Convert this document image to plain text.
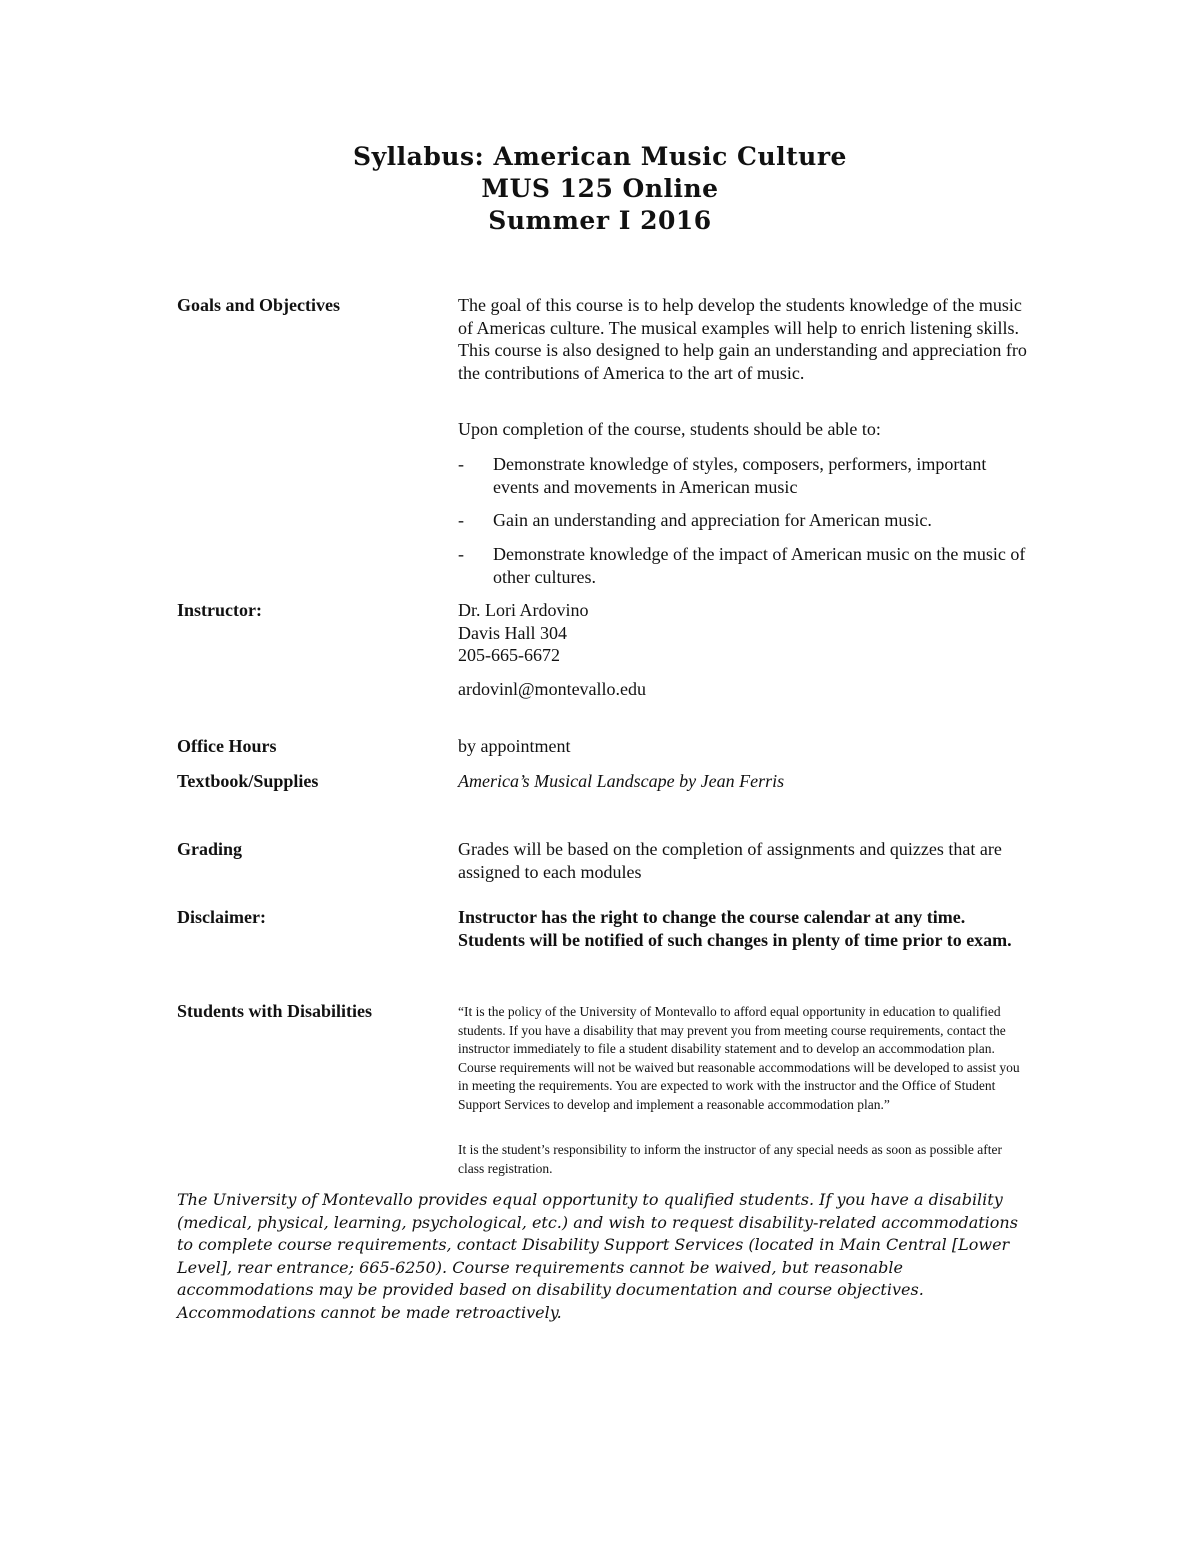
Syllabus: American Music Culture
MUS 125 Online
Summer I 2016
Goals and Objectives	The goal of this course is to help develop the students knowledge of the music of Americas culture. The musical examples will help to enrich listening skills. This course is also designed to help gain an understanding and appreciation fro the contributions of America to the art of music.

Upon completion of the course, students should be able to:
- Demonstrate knowledge of styles, composers, performers, important events and movements in American music
- Gain an understanding and appreciation for American music.
- Demonstrate knowledge of the impact of American music on the music of other cultures.
Instructor:	Dr. Lori Ardovino
Davis Hall 304
205-665-6672
ardovinl@montevallo.edu
Office Hours	by appointment
Textbook/Supplies	America’s Musical Landscape by Jean Ferris
Grading	Grades will be based on the completion of assignments and quizzes that are assigned to each modules
Disclaimer:	Instructor has the right to change the course calendar at any time. Students will be notified of such changes in plenty of time prior to exam.
Students with Disabilities	“It is the policy of the University of Montevallo to afford equal opportunity in education to qualified students. If you have a disability that may prevent you from meeting course requirements, contact the instructor immediately to file a student disability statement and to develop an accommodation plan. Course requirements will not be waived but reasonable accommodations will be developed to assist you in meeting the requirements. You are expected to work with the instructor and the Office of Student Support Services to develop and implement a reasonable accommodation plan.”
It is the student’s responsibility to inform the instructor of any special needs as soon as possible after class registration.
The University of Montevallo provides equal opportunity to qualified students. If you have a disability (medical, physical, learning, psychological, etc.) and wish to request disability-related accommodations to complete course requirements, contact Disability Support Services (located in Main Central [Lower Level], rear entrance; 665-6250). Course requirements cannot be waived, but reasonable accommodations may be provided based on disability documentation and course objectives. Accommodations cannot be made retroactively.
